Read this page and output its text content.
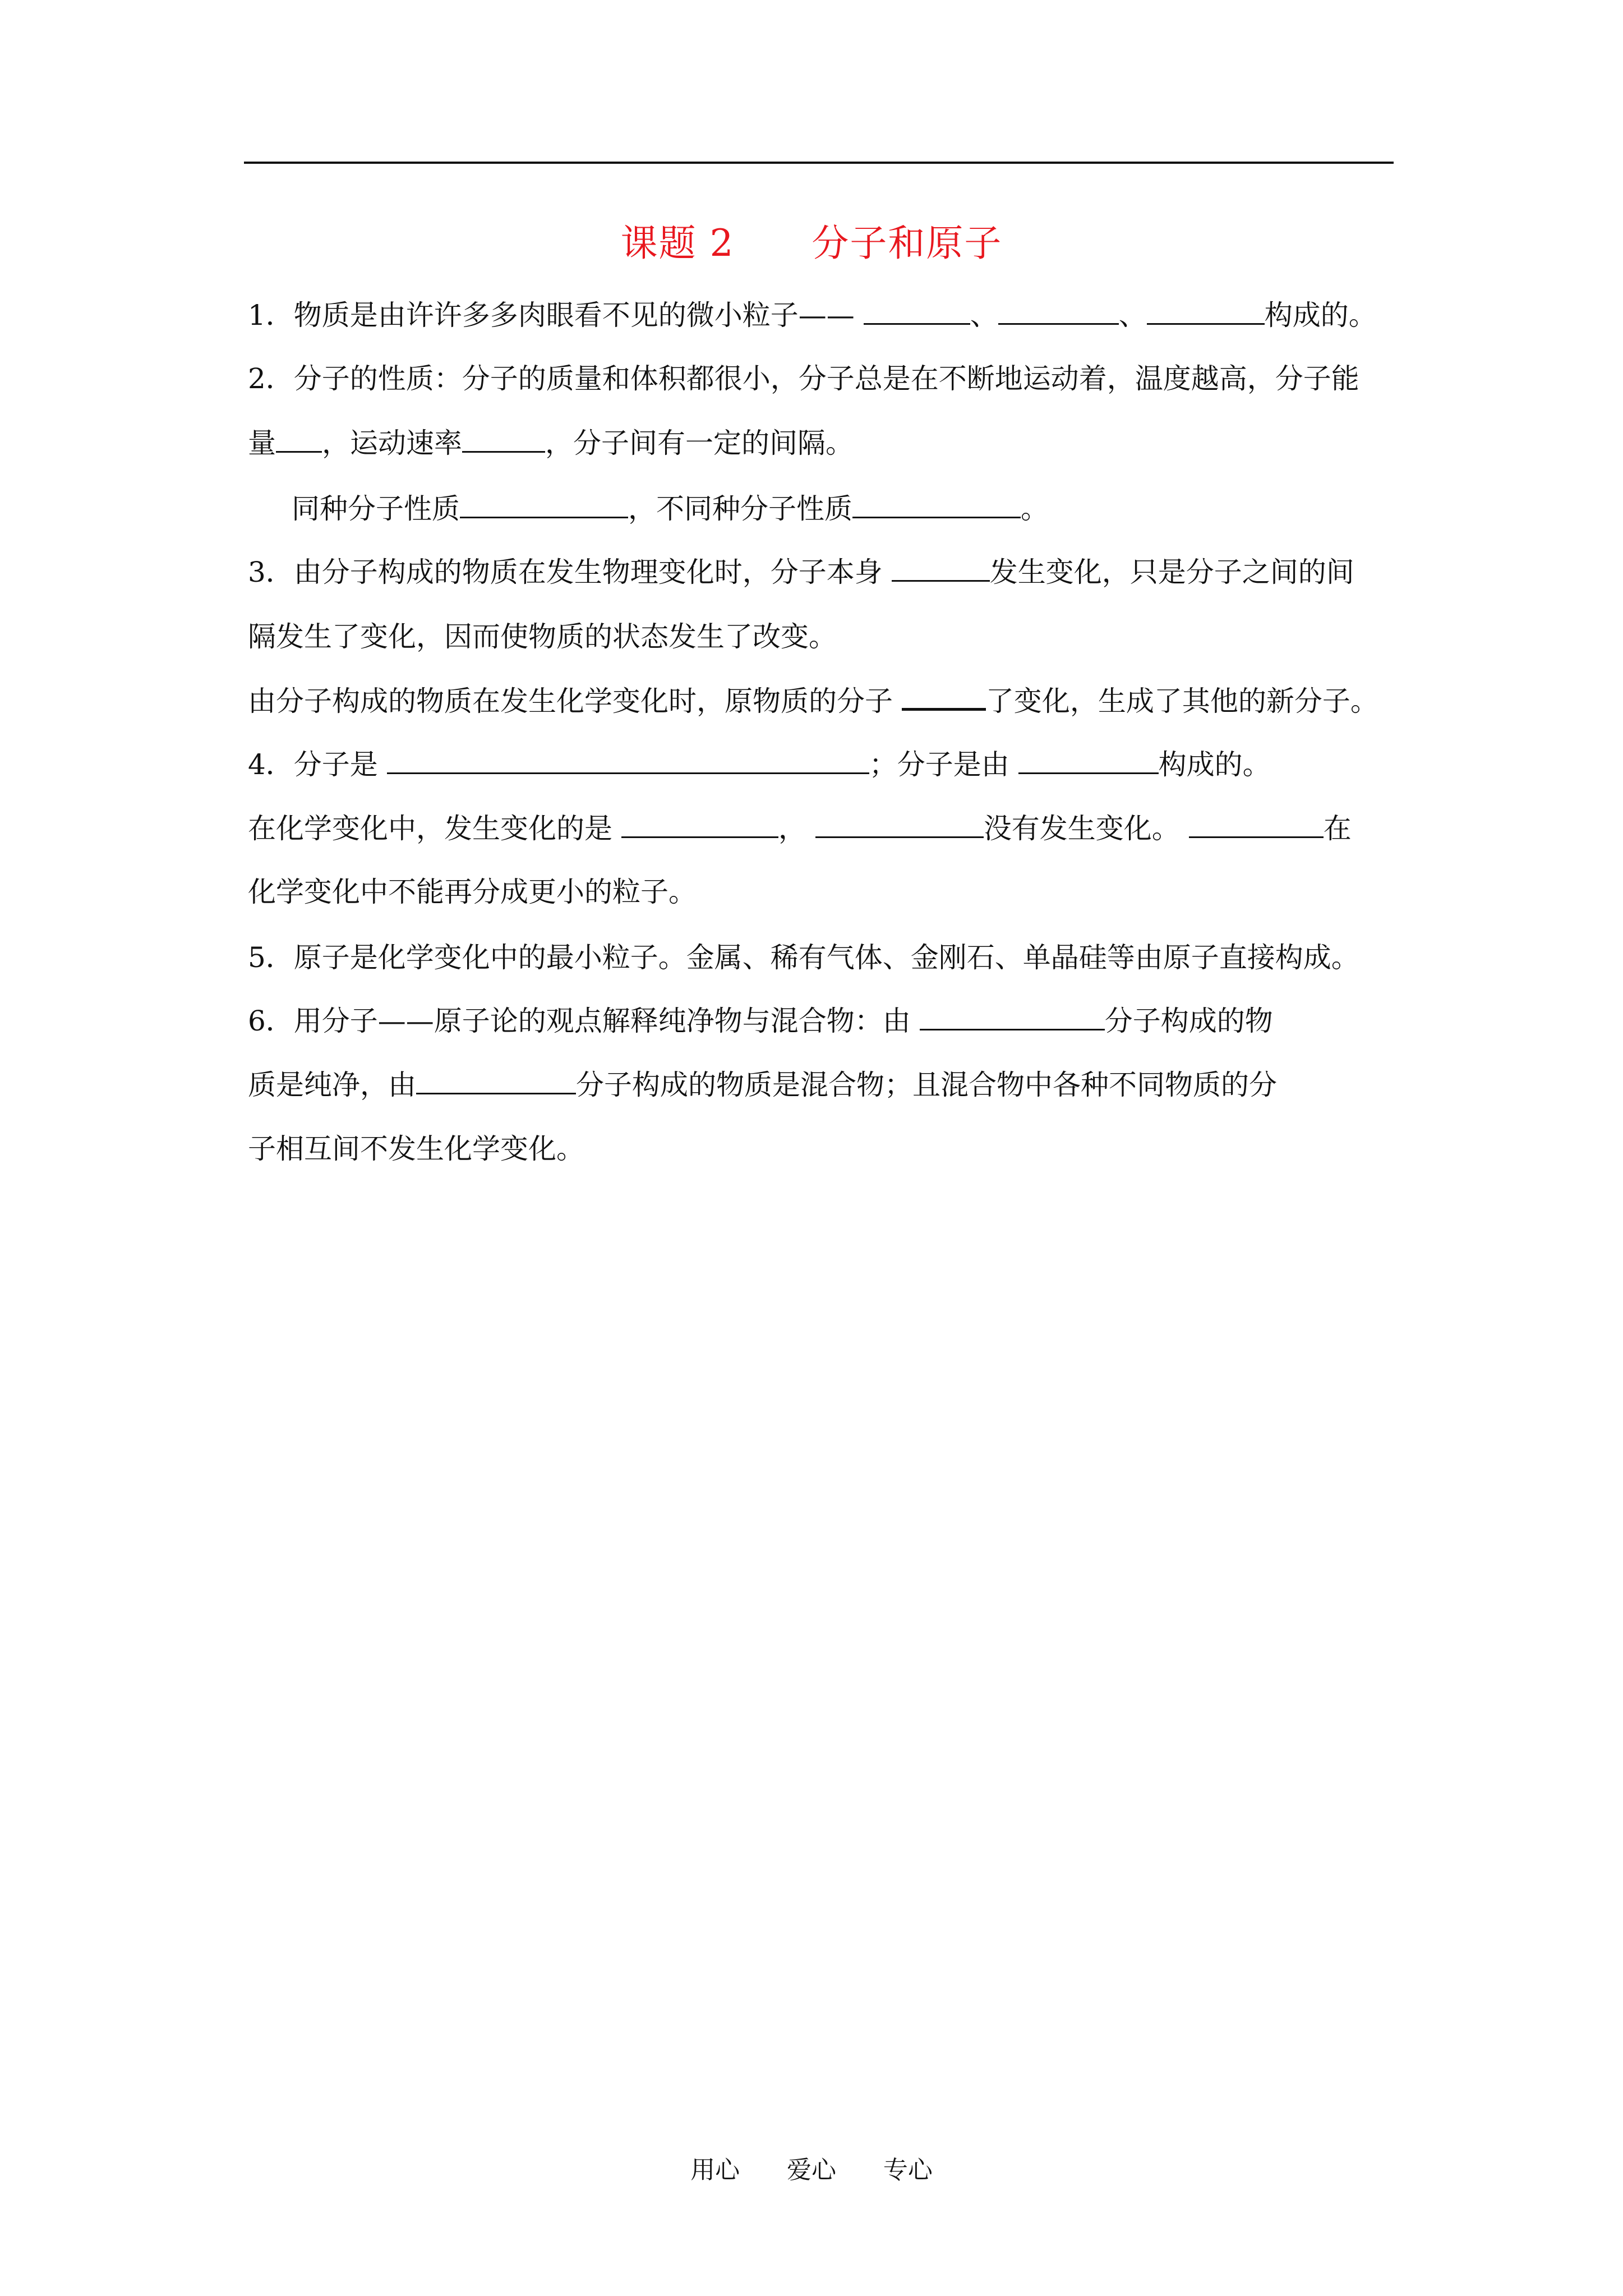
课题 2      分子和原子
1．物质是由许许多多肉眼看不见的微小粒子——	、	、	构成的。
2．分子的性质：分子的质量和体积都很小，分子总是在不断地运动着，温度越高，分子能
量 ，运动速率	，分子间有一定的间隔。
同种分子性质	，不同种分子性质	。
3．由分子构成的物质在发生物理变化时，分子本身	发生变化，只是分子之间的间
隔发生了变化，因而使物质的状态发生了改变。
由分子构成的物质在发生化学变化时，原物质的分子	了变化，生成了其他的新分子。
4．分子是	；分子是由	构成的。
在化学变化中，发生变化的是	，	没有发生变化。	在
化学变化中不能再分成更小的粒子。
5．原子是化学变化中的最小粒子。金属、稀有气体、金刚石、单晶硅等由原子直接构成。
6．用分子——原子论的观点解释纯净物与混合物：由	分子构成的物
质是纯净，由	分子构成的物质是混合物；且混合物中各种不同物质的分
子相互间不发生化学变化。
用心      爱心      专心
